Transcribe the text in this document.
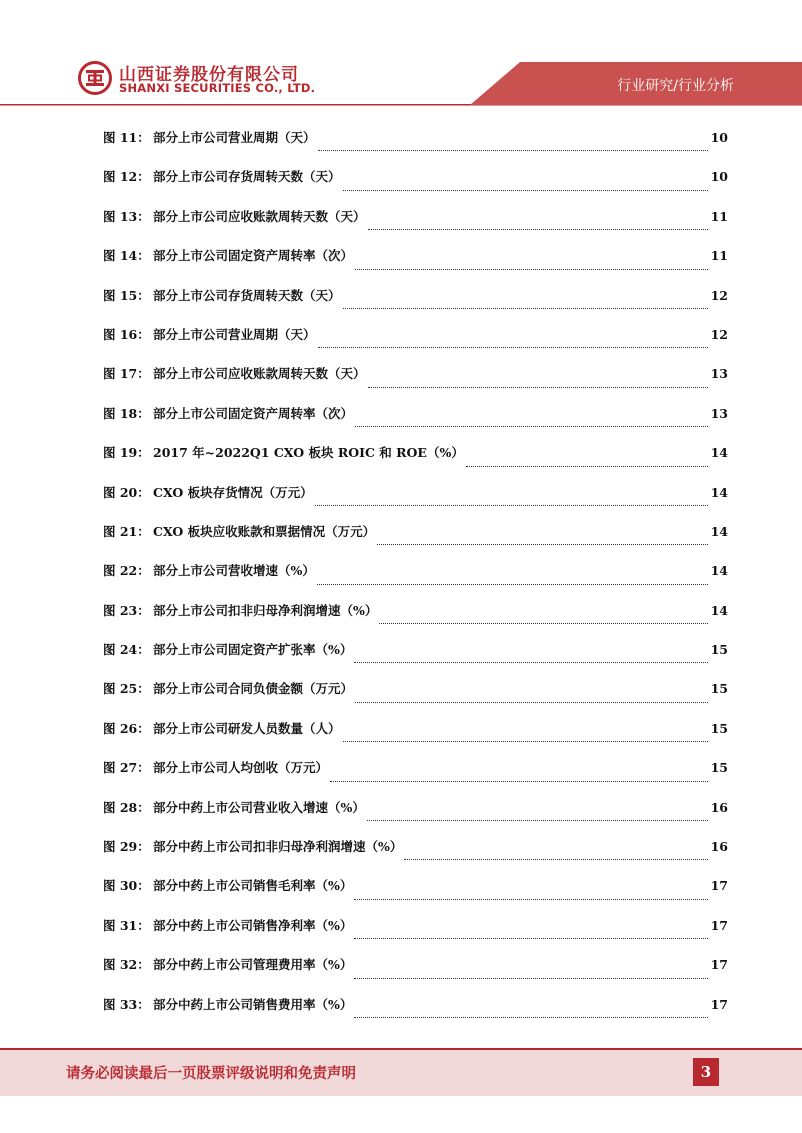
山西证券股份有限公司
SHANXI SECURITIES CO., LTD.	行业研究/行业分析
图 11： 部分上市公司营业周期（天）	10
图 12： 部分上市公司存货周转天数（天）	10
图 13： 部分上市公司应收账款周转天数（天）	11
图 14： 部分上市公司固定资产周转率（次）	11
图 15： 部分上市公司存货周转天数（天）	12
图 16： 部分上市公司营业周期（天）	12
图 17： 部分上市公司应收账款周转天数（天）	13
图 18： 部分上市公司固定资产周转率（次）	13
图 19： 2017 年~2022Q1 CXO 板块 ROIC 和 ROE（%）	14
图 20： CXO 板块存货情况（万元）	14
图 21： CXO 板块应收账款和票据情况（万元）	14
图 22： 部分上市公司营收增速（%）	14
图 23： 部分上市公司扣非归母净利润增速（%）	14
图 24： 部分上市公司固定资产扩张率（%）	15
图 25： 部分上市公司合同负债金额（万元）	15
图 26： 部分上市公司研发人员数量（人）	15
图 27： 部分上市公司人均创收（万元）	15
图 28： 部分中药上市公司营业收入增速（%）	16
图 29： 部分中药上市公司扣非归母净利润增速（%）	16
图 30： 部分中药上市公司销售毛利率（%）	17
图 31： 部分中药上市公司销售净利率（%）	17
图 32： 部分中药上市公司管理费用率（%）	17
图 33： 部分中药上市公司销售费用率（%）	17
请务必阅读最后一页股票评级说明和免责声明	3
